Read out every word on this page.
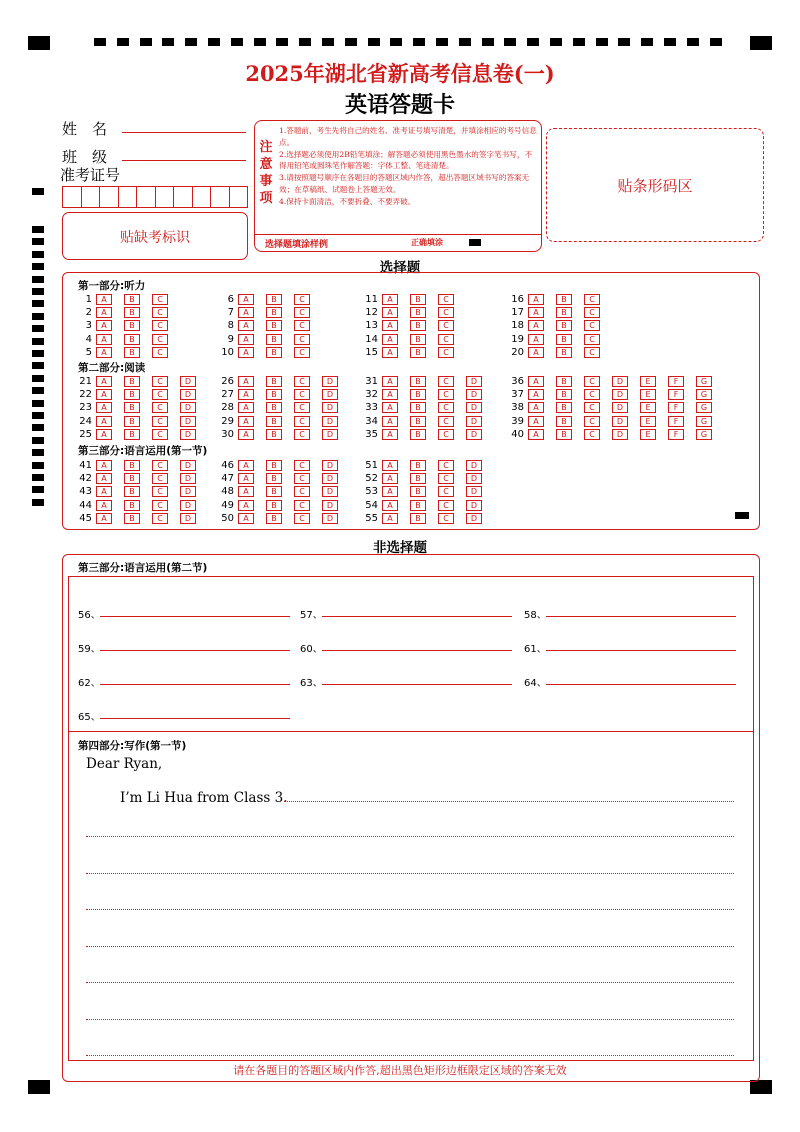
2025年湖北省新高考信息卷(一)
英语答题卡
姓　名
班　级
准考证号
贴缺考标识
注
意
事
项
1.答题前，考生先将自己的姓名、准考证号填写清楚，并填涂相应的考号信息点。
2.选择题必须使用2B铅笔填涂；解答题必须使用黑色墨水的签字笔书写，不得用铅笔或圆珠笔作解答题：字体工整、笔迹清楚。
3.请按照题号顺序在各题目的答题区域内作答，超出答题区域书写的答案无效；在草稿纸、试题卷上答题无效。
4.保持卡面清洁，不要折叠、不要弄破。
选择题填涂样例	正确填涂
贴条形码区
选择题
第一部分:听力
第二部分:阅读
第三部分:语言运用(第一节)
1	A	B	C
2	A	B	C
3	A	B	C
4	A	B	C
5	A	B	C
6	A	B	C
7	A	B	C
8	A	B	C
9	A	B	C
10	A	B	C
11	A	B	C
12	A	B	C
13	A	B	C
14	A	B	C
15	A	B	C
16	A	B	C
17	A	B	C
18	A	B	C
19	A	B	C
20	A	B	C
21	A	B	C	D
22	A	B	C	D
23	A	B	C	D
24	A	B	C	D
25	A	B	C	D
26	A	B	C	D
27	A	B	C	D
28	A	B	C	D
29	A	B	C	D
30	A	B	C	D
31	A	B	C	D
32	A	B	C	D
33	A	B	C	D
34	A	B	C	D
35	A	B	C	D
36	A	B	C	D	E	F	G
37	A	B	C	D	E	F	G
38	A	B	C	D	E	F	G
39	A	B	C	D	E	F	G
40	A	B	C	D	E	F	G
41	A	B	C	D
42	A	B	C	D
43	A	B	C	D
44	A	B	C	D
45	A	B	C	D
46	A	B	C	D
47	A	B	C	D
48	A	B	C	D
49	A	B	C	D
50	A	B	C	D
51	A	B	C	D
52	A	B	C	D
53	A	B	C	D
54	A	B	C	D
55	A	B	C	D
非选择题
第三部分:语言运用(第二节)
56、	57、	58、
59、	60、	61、
62、	63、	64、
65、
第四部分:写作(第一节)
Dear Ryan,
I’m Li Hua from Class 3.
请在各题目的答题区域内作答,超出黑色矩形边框限定区域的答案无效
